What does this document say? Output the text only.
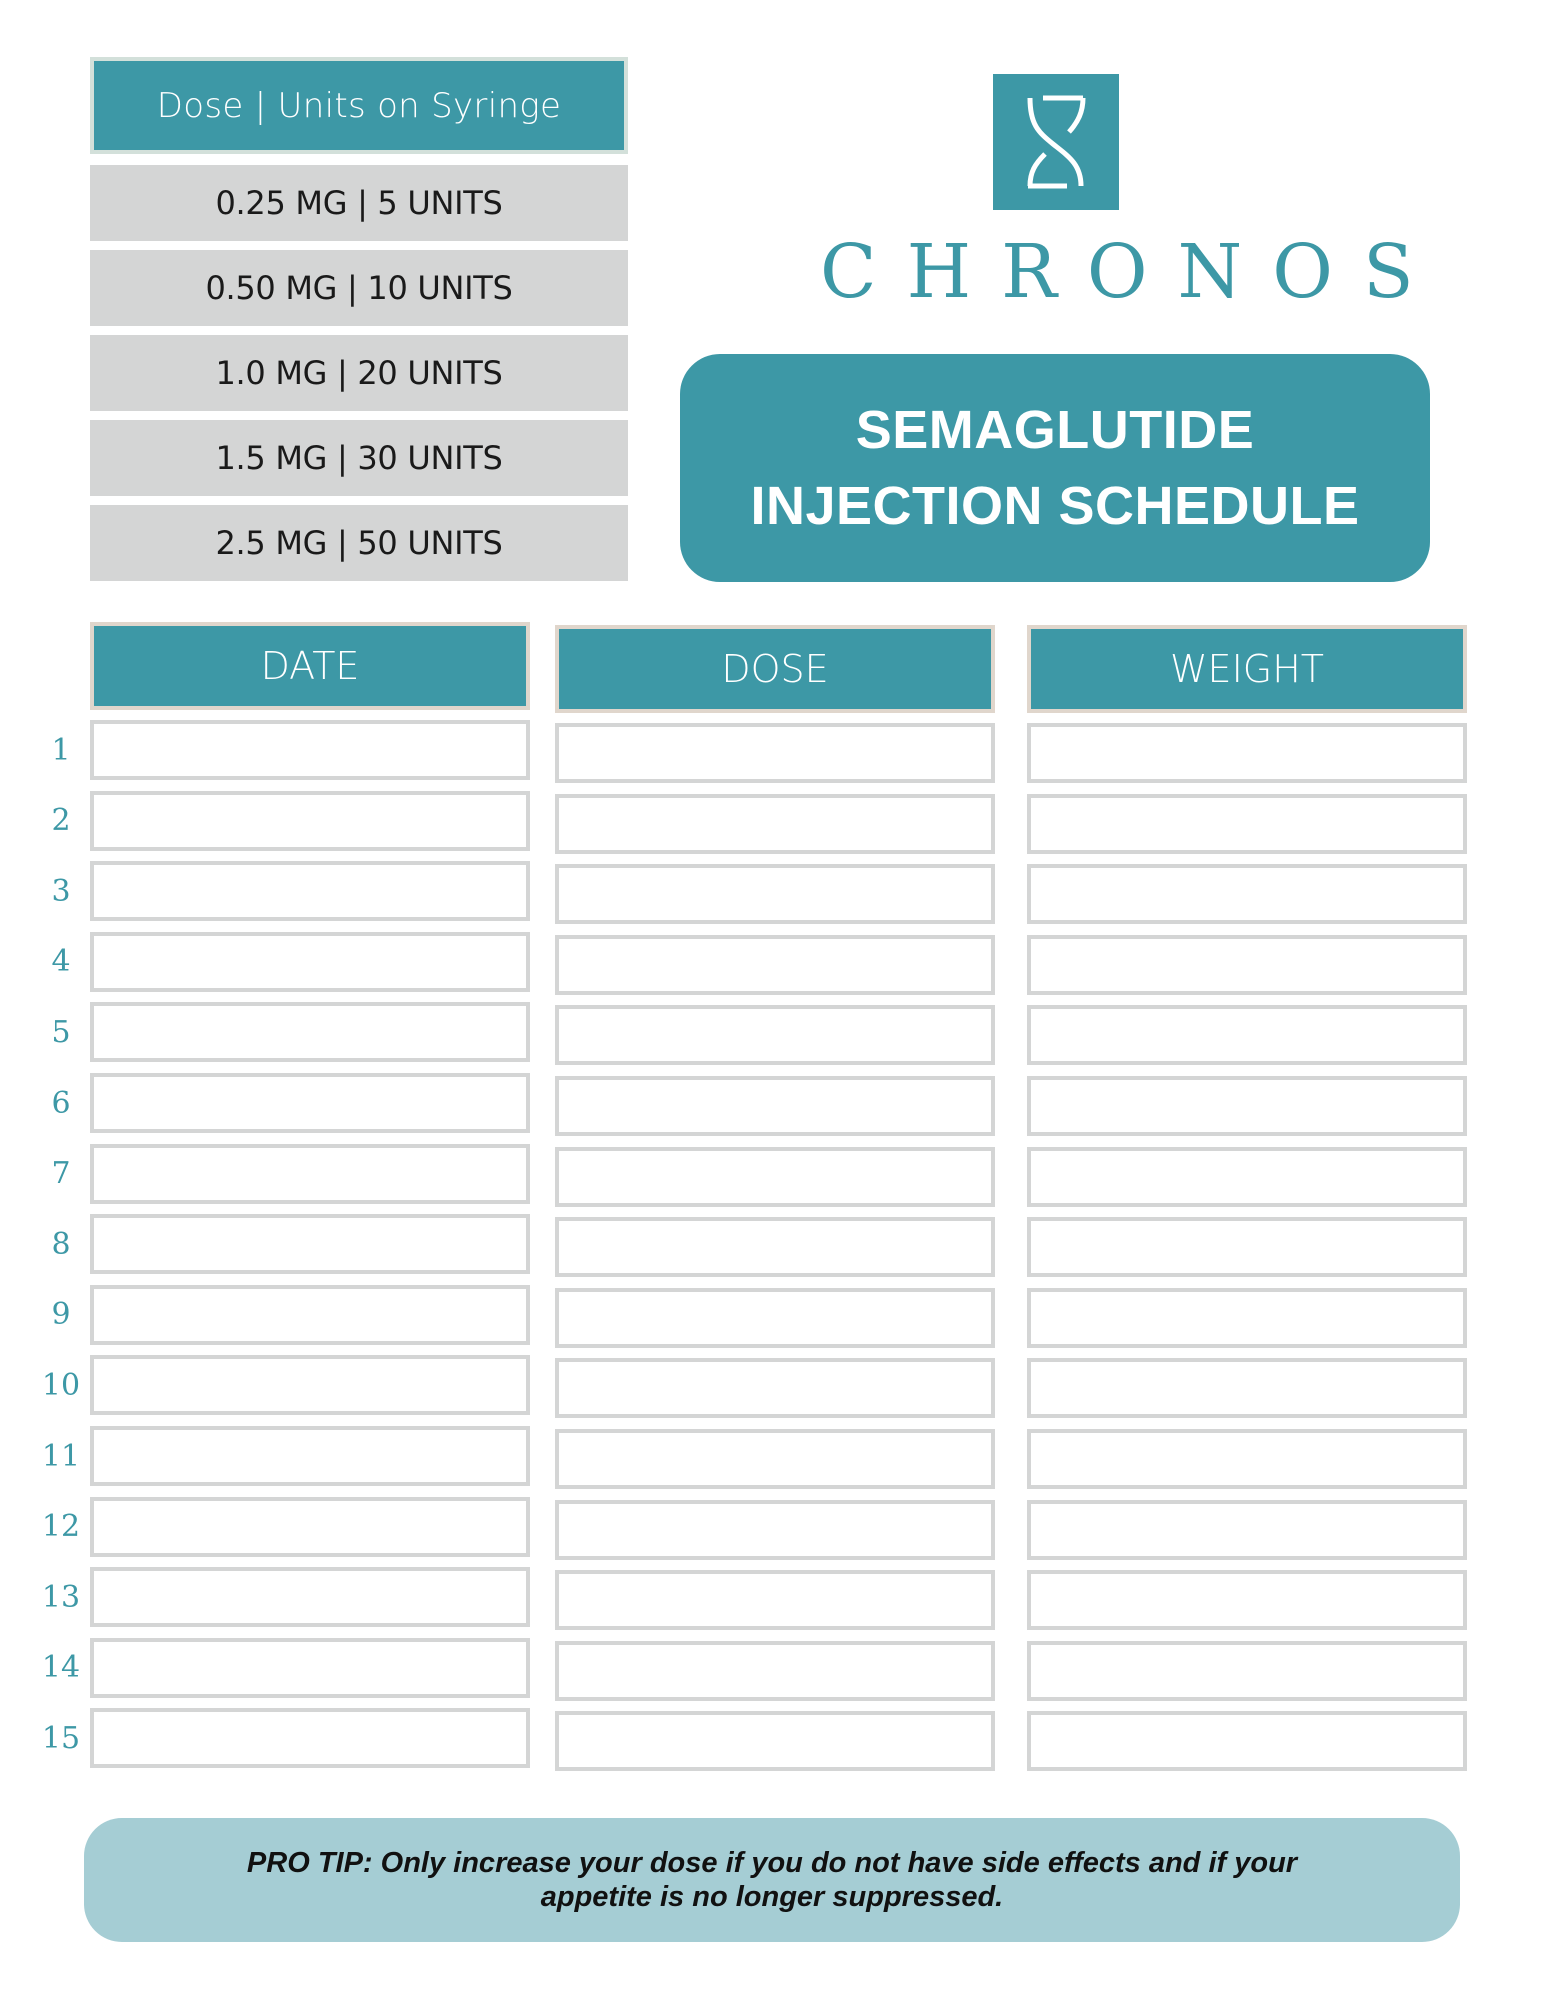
Dose | Units on Syringe
0.25 MG | 5 UNITS
0.50 MG | 10 UNITS
1.0 MG | 20 UNITS
1.5 MG | 30 UNITS
2.5 MG | 50 UNITS
CHRONOS
SEMAGLUTIDE
INJECTION SCHEDULE
DATE	DOSE	WEIGHT
1
2
3
4
5
6
7
8
9
10
11
12
13
14
15
PRO TIP: Only increase your dose if you do not have side effects and if your appetite is no longer suppressed.
